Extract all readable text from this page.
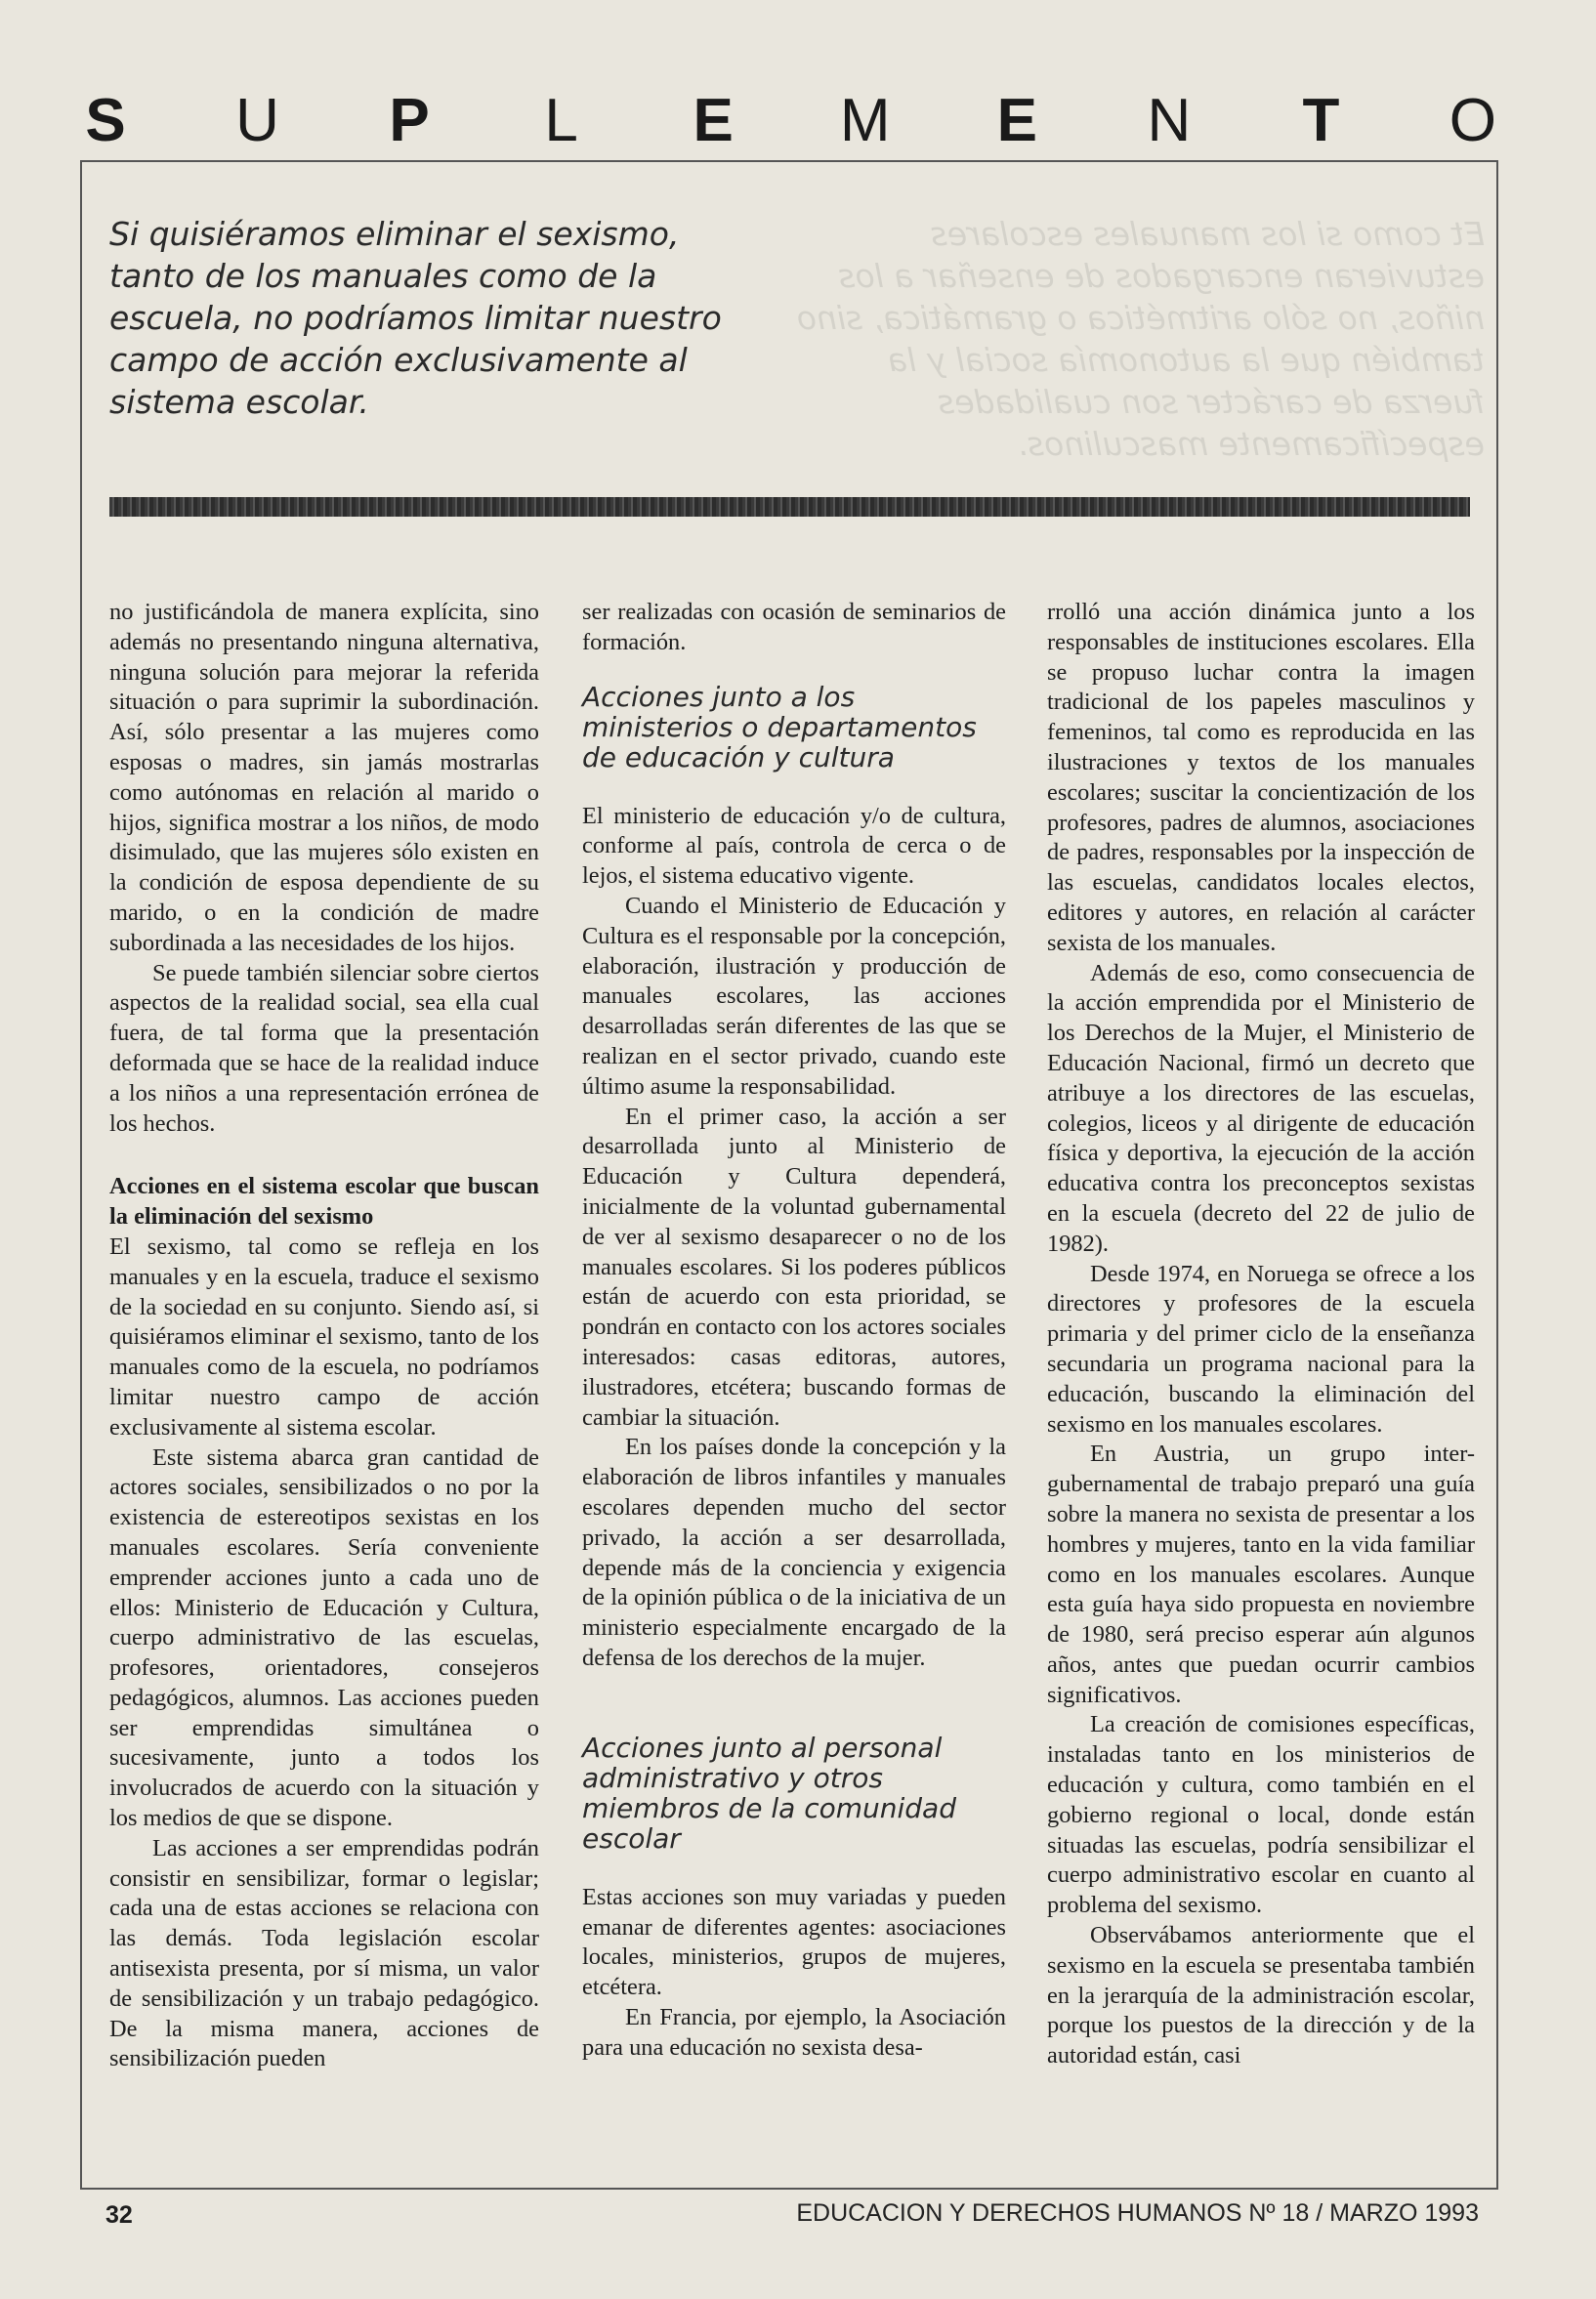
S U P L E M E N T O
Et como si los manuales escolares
estuvieran encargados de enseñar a los
niños, no sólo aritmética o gramática, sino
también que la autonomía social y la
fuerza de carácter son cualidades
específicamente masculinos.

Si quisiéramos eliminar el sexismo, tanto de los manuales como de la escuela, no podríamos limitar nuestro campo de acción exclusivamente al sistema escolar.

no justificándola de manera explícita, sino además no presentando ninguna alternativa, ninguna solución para mejorar la referida situación o para suprimir la subordinación. Así, sólo presentar a las mujeres como esposas o madres, sin jamás mostrarlas como autónomas en relación al marido o hijos, significa mostrar a los niños, de modo disimulado, que las mujeres sólo existen en la condición de esposa dependiente de su marido, o en la condición de madre subordinada a las necesidades de los hijos.

Se puede también silenciar sobre ciertos aspectos de la realidad social, sea ella cual fuera, de tal forma que la presentación deformada que se hace de la realidad induce a los niños a una representación errónea de los hechos.

Acciones en el sistema escolar que buscan la eliminación del sexismo

El sexismo, tal como se refleja en los manuales y en la escuela, traduce el sexismo de la sociedad en su conjunto. Siendo así, si quisiéramos eliminar el sexismo, tanto de los manuales como de la escuela, no podríamos limitar nuestro campo de acción exclusivamente al sistema escolar.

Este sistema abarca gran cantidad de actores sociales, sensibilizados o no por la existencia de estereotipos sexistas en los manuales escolares. Sería conveniente emprender acciones junto a cada uno de ellos: Ministerio de Educación y Cultura, cuerpo administrativo de las escuelas, profesores, orientadores, consejeros pedagógicos, alumnos. Las acciones pueden ser emprendidas simultánea o sucesivamente, junto a todos los involucrados de acuerdo con la situación y los medios de que se dispone.

Las acciones a ser emprendidas podrán consistir en sensibilizar, formar o legislar; cada una de estas acciones se relaciona con las demás. Toda legislación escolar antisexista presenta, por sí misma, un valor de sensibilización y un trabajo pedagógico. De la misma manera, acciones de sensibilización pueden

ser realizadas con ocasión de seminarios de formación.

Acciones junto a los ministerios o departamentos de educación y cultura

El ministerio de educación y/o de cultura, conforme al país, controla de cerca o de lejos, el sistema educativo vigente.

Cuando el Ministerio de Educación y Cultura es el responsable por la concepción, elaboración, ilustración y producción de manuales escolares, las acciones desarrolladas serán diferentes de las que se realizan en el sector privado, cuando este último asume la responsabilidad.

En el primer caso, la acción a ser desarrollada junto al Ministerio de Educación y Cultura dependerá, inicialmente de la voluntad gubernamental de ver al sexismo desaparecer o no de los manuales escolares. Si los poderes públicos están de acuerdo con esta prioridad, se pondrán en contacto con los actores sociales interesados: casas editoras, autores, ilustradores, etcétera; buscando formas de cambiar la situación.

En los países donde la concepción y la elaboración de libros infantiles y manuales escolares dependen mucho del sector privado, la acción a ser desarrollada, depende más de la conciencia y exigencia de la opinión pública o de la iniciativa de un ministerio especialmente encargado de la defensa de los derechos de la mujer.

Acciones junto al personal administrativo y otros miembros de la comunidad escolar

Estas acciones son muy variadas y pueden emanar de diferentes agentes: asociaciones locales, ministerios, grupos de mujeres, etcétera.

En Francia, por ejemplo, la Asociación para una educación no sexista desa-

rrolló una acción dinámica junto a los responsables de instituciones escolares. Ella se propuso luchar contra la imagen tradicional de los papeles masculinos y femeninos, tal como es reproducida en las ilustraciones y textos de los manuales escolares; suscitar la concientización de los profesores, padres de alumnos, asociaciones de padres, responsables por la inspección de las escuelas, candidatos locales electos, editores y autores, en relación al carácter sexista de los manuales.

Además de eso, como consecuencia de la acción emprendida por el Ministerio de los Derechos de la Mujer, el Ministerio de Educación Nacional, firmó un decreto que atribuye a los directores de las escuelas, colegios, liceos y al dirigente de educación física y deportiva, la ejecución de la acción educativa contra los preconceptos sexistas en la escuela (decreto del 22 de julio de 1982).

Desde 1974, en Noruega se ofrece a los directores y profesores de la escuela primaria y del primer ciclo de la enseñanza secundaria un programa nacional para la educación, buscando la eliminación del sexismo en los manuales escolares.

En Austria, un grupo inter-gubernamental de trabajo preparó una guía sobre la manera no sexista de presentar a los hombres y mujeres, tanto en la vida familiar como en los manuales escolares. Aunque esta guía haya sido propuesta en noviembre de 1980, será preciso esperar aún algunos años, antes que puedan ocurrir cambios significativos.

La creación de comisiones específicas, instaladas tanto en los ministerios de educación y cultura, como también en el gobierno regional o local, donde están situadas las escuelas, podría sensibilizar el cuerpo administrativo escolar en cuanto al problema del sexismo.

Observábamos anteriormente que el sexismo en la escuela se presentaba también en la jerarquía de la administración escolar, porque los puestos de la dirección y de la autoridad están, casi

32	EDUCACION Y DERECHOS HUMANOS Nº 18 / MARZO 1993
